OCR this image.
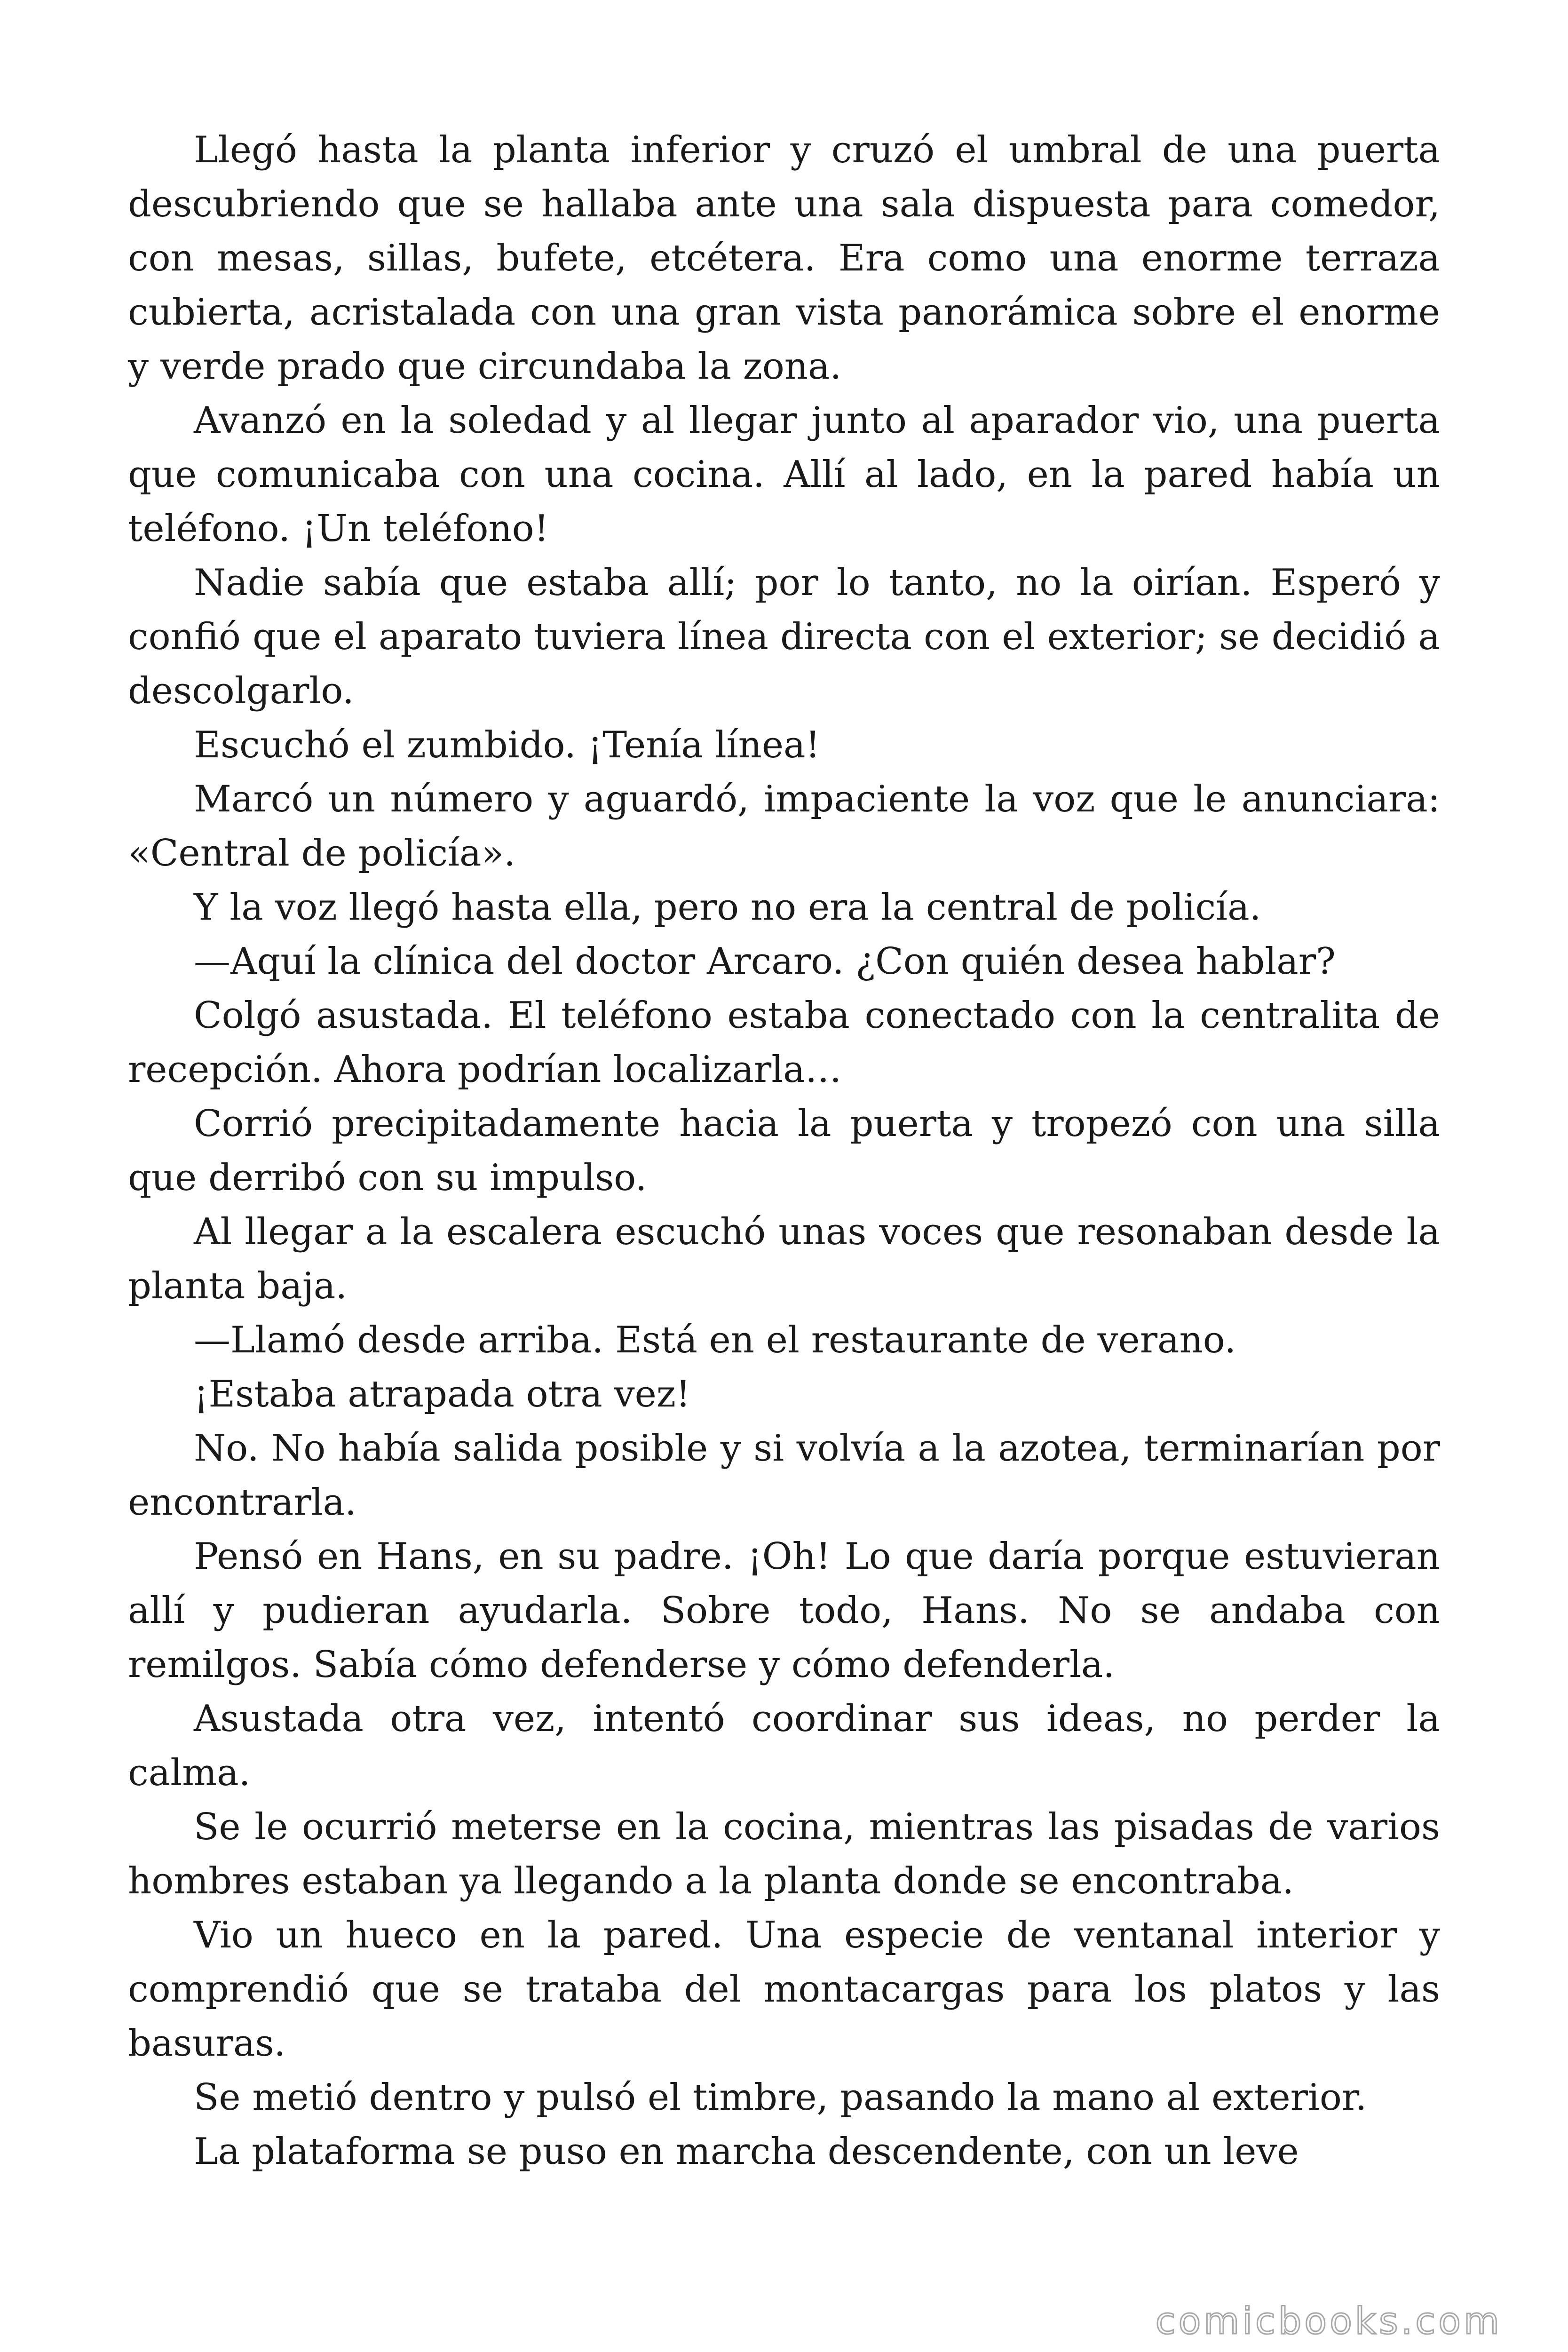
Llegó hasta la planta inferior y cruzó el umbral de una puerta descubriendo que se hallaba ante una sala dispuesta para comedor, con mesas, sillas, bufete, etcétera. Era como una enorme terraza cubierta, acristalada con una gran vista panorámica sobre el enorme y verde prado que circundaba la zona.

Avanzó en la soledad y al llegar junto al aparador vio, una puerta que comunicaba con una cocina. Allí al lado, en la pared había un teléfono. ¡Un teléfono!

Nadie sabía que estaba allí; por lo tanto, no la oirían. Esperó y confió que el aparato tuviera línea directa con el exterior; se decidió a descolgarlo.

Escuchó el zumbido. ¡Tenía línea!

Marcó un número y aguardó, impaciente la voz que le anunciara: «Central de policía».

Y la voz llegó hasta ella, pero no era la central de policía.

—Aquí la clínica del doctor Arcaro. ¿Con quién desea hablar?

Colgó asustada. El teléfono estaba conectado con la centralita de recepción. Ahora podrían localizarla…

Corrió precipitadamente hacia la puerta y tropezó con una silla que derribó con su impulso.

Al llegar a la escalera escuchó unas voces que resonaban desde la planta baja.

—Llamó desde arriba. Está en el restaurante de verano.

¡Estaba atrapada otra vez!

No. No había salida posible y si volvía a la azotea, terminarían por encontrarla.

Pensó en Hans, en su padre. ¡Oh! Lo que daría porque estuvieran allí y pudieran ayudarla. Sobre todo, Hans. No se andaba con remilgos. Sabía cómo defenderse y cómo defenderla.

Asustada otra vez, intentó coordinar sus ideas, no perder la calma.

Se le ocurrió meterse en la cocina, mientras las pisadas de varios hombres estaban ya llegando a la planta donde se encontraba.

Vio un hueco en la pared. Una especie de ventanal interior y comprendió que se trataba del montacargas para los platos y las basuras.

Se metió dentro y pulsó el timbre, pasando la mano al exterior.

La plataforma se puso en marcha descendente, con un leve

comicbooks.com
